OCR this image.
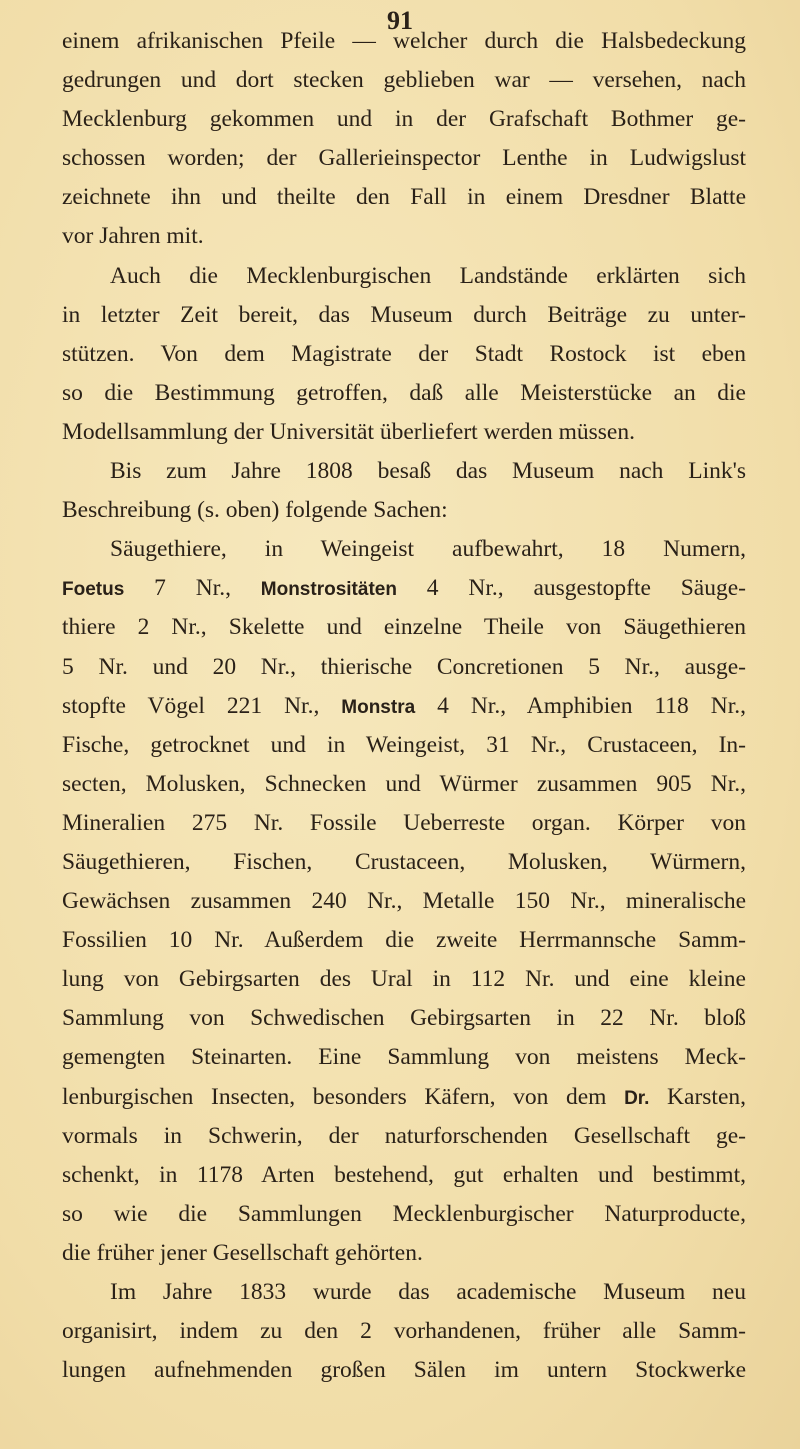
91
einem afrikanischen Pfeile — welcher durch die Halsbedeckung
gedrungen und dort stecken geblieben war — versehen, nach
Mecklenburg gekommen und in der Grafschaft Bothmer ge-
schossen worden; der Gallerieinspector Lenthe in Ludwigslust
zeichnete ihn und theilte den Fall in einem Dresdner Blatte
vor Jahren mit.
Auch die Mecklenburgischen Landstände erklärten sich
in letzter Zeit bereit, das Museum durch Beiträge zu unter-
stützen. Von dem Magistrate der Stadt Rostock ist eben
so die Bestimmung getroffen, daß alle Meisterstücke an die
Modellsammlung der Universität überliefert werden müssen.
Bis zum Jahre 1808 besaß das Museum nach Link's
Beschreibung (s. oben) folgende Sachen:
Säugethiere, in Weingeist aufbewahrt, 18 Numern,
Foetus 7 Nr., Monstrositäten 4 Nr., ausgestopfte Säuge-
thiere 2 Nr., Skelette und einzelne Theile von Säugethieren
5 Nr. und 20 Nr., thierische Concretionen 5 Nr., ausge-
stopfte Vögel 221 Nr., Monstra 4 Nr., Amphibien 118 Nr.,
Fische, getrocknet und in Weingeist, 31 Nr., Crustaceen, In-
secten, Molusken, Schnecken und Würmer zusammen 905 Nr.,
Mineralien 275 Nr. Fossile Ueberreste organ. Körper von
Säugethieren, Fischen, Crustaceen, Molusken, Würmern,
Gewächsen zusammen 240 Nr., Metalle 150 Nr., mineralische
Fossilien 10 Nr. Außerdem die zweite Herrmannsche Samm-
lung von Gebirgsarten des Ural in 112 Nr. und eine kleine
Sammlung von Schwedischen Gebirgsarten in 22 Nr. bloß
gemengten Steinarten. Eine Sammlung von meistens Meck-
lenburgischen Insecten, besonders Käfern, von dem Dr. Karsten,
vormals in Schwerin, der naturforschenden Gesellschaft ge-
schenkt, in 1178 Arten bestehend, gut erhalten und bestimmt,
so wie die Sammlungen Mecklenburgischer Naturproducte,
die früher jener Gesellschaft gehörten.
Im Jahre 1833 wurde das academische Museum neu
organisirt, indem zu den 2 vorhandenen, früher alle Samm-
lungen aufnehmenden großen Sälen im untern Stockwerke
